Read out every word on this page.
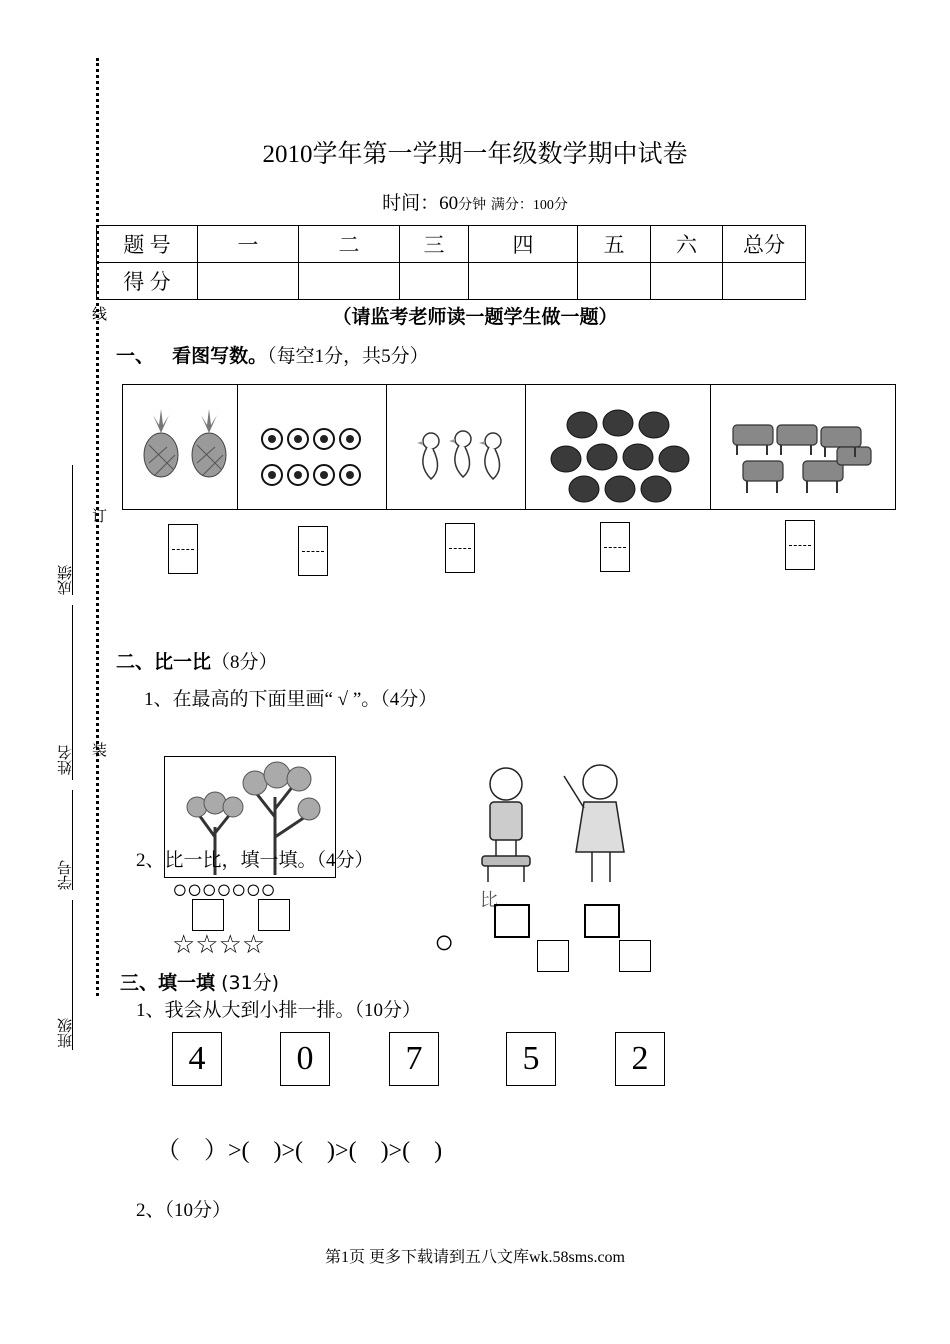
线
订
装
成绩
姓名
学号
班级
2010学年第一学期一年级数学期中试卷
时间：60分钟 满分：100分
题 号	一	二	三	四	五	六	总分
得 分							
（请监考老师读一题学生做一题）
一、 看图写数。（每空1分，共5分）
二、比一比（8分）
1、在最高的下面里画“ √ ”。（4分）
2、比一比，填一填。（4分）
○○○○○○○
☆☆☆☆
比
○
三、填一填 (31分)
1、我会从大到小排一排。（10分）
4	0	7	5	2
（    ）>(    )>(    )>(    )>(    )
2、（10分）
第1页 更多下载请到五八文库wk.58sms.com
